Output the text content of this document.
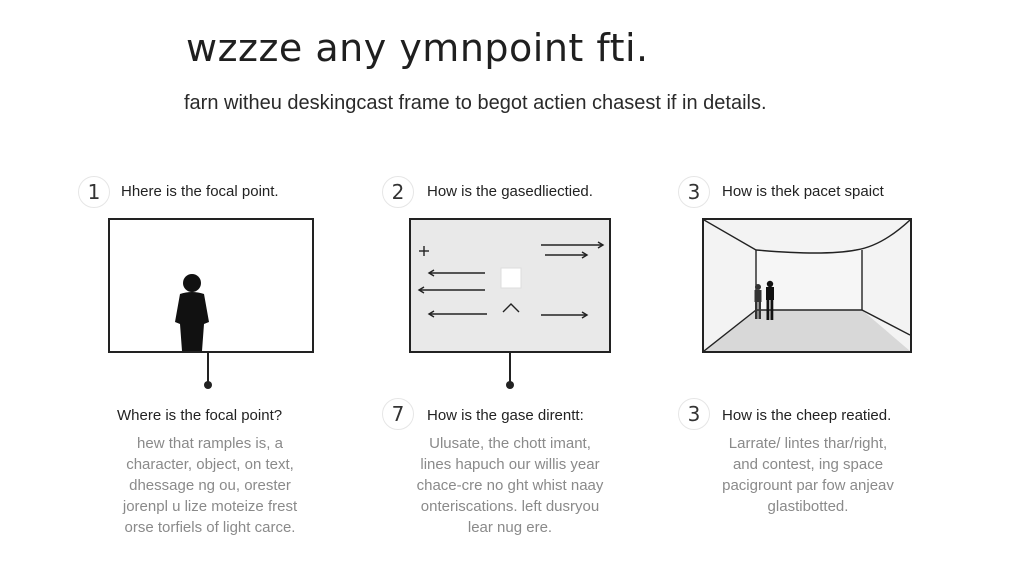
wzzze any ymnpoint fti.
farn witheu deskingcast frame to begot actien chasest if in details.
1	Hhere is the focal point.
Where is the focal point?
hew that ramples is, a
character, object, on text,
dhessage ng ou, orester
jorenpl u lize moteize frest
orse torfiels of light carce.
2	How is the gasedliectied.
7	How is the gase direntt:
Ulusate, the chott imant,
lines hapuch our willis year
chace-cre no ght whist naay
onteriscations. left dusryou
lear nug ere.
3	How is thek pacet spaict
3	How is the cheep reatied.
Larrate/ lintes thar/right,
and contest, ing space
pacigrount par fow anjeav
glastibotted.
